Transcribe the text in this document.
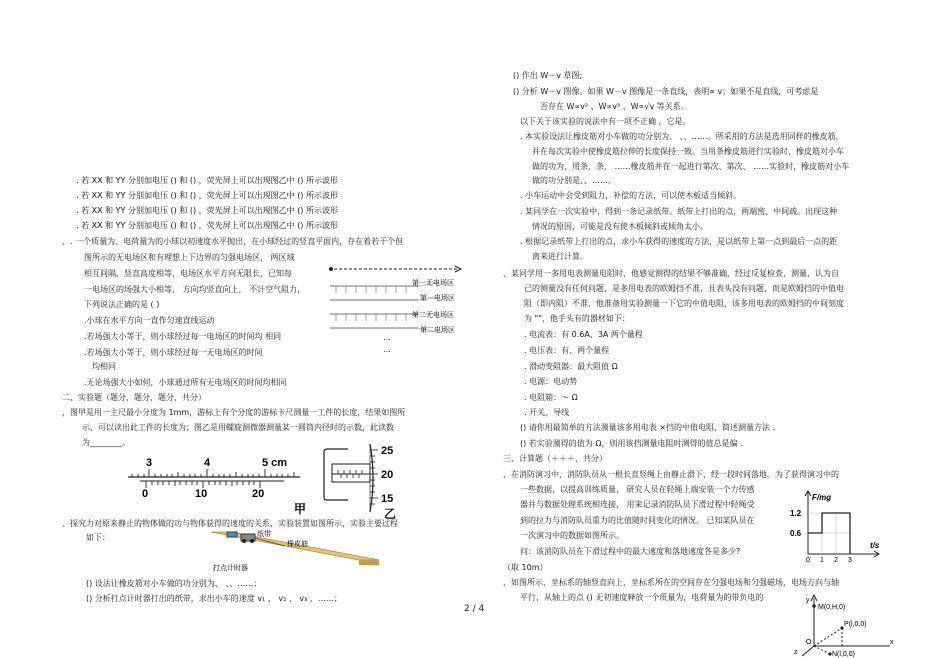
. 若 XX 和 YY 分别加电压 () 和 () ，荧光屏上可以出现图乙中 () 所示波形
. 若 XX 和 YY 分别加电压 () 和 () ，荧光屏上可以出现图乙中 () 所示波形
. 若 XX 和 YY 分别加电压 () 和 () ，荧光屏上可以出现图乙中 () 所示波形
. 若 XX 和 YY 分别加电压 () 和 () ，荧光屏上可以出现图乙中 () 所示波形
、. 一个质量为、电荷量为的小球以初速度水平抛出，在小球经过的竖直平面内，存在着若干个但
图所示的无电场区和有理想上下边界的匀强电场区， 两区域
相互间隔、竖直高度相等，电场区水平方向无限长，已知每
一电场区的场强大小相等、 方向均竖直向上， 不计空气阻力，
下列说法正确的是 ( )
.小球在水平方向一直作匀速直线运动
.若场强大小等于，则小球经过每一电场区的时间均 相同
.若场强大小等于，则小球经过每一无电场区的时间
均相同
.无论场强大小如何，小球通过所有无电场区的时间均相同
二、实验题（题分，题分，题分，共分）
，图甲是用一主尺最小分度为 1mm，游标上有个分度的游标卡尺测量一工件的长度，结果如图所
示，可以读出此工件的长度为；图乙是用螺旋测微器测量某一圆筒内径时的示数，此读数
为________。
、探究力对原来静止的物体做的功与物体获得的速度的关系，实验装置如图所示，实验主要过程
如下：
() 设法让橡皮筋对小车做的功分别为、 、、……；
() 分析打点计时器打出的纸带，求出小车的速度 v₁ 、 v₂ 、 v₃ 、……；
第一无电场区
第一电场区
第二无电场区
第二电场区
…
…
3	4	5 cm
0	10	20
甲
25
20
15
乙
纸带
橡皮筋
打点计时器
() 作出 W－v 草图;
() 分析 W－v 图像。如果 W－v 图像是一条直线，表明∝ v；如果不是直线，可考虑是
否存在 W∝v² 、W∝v³ 、W∝√v 等关系。
以下关于该实验的说法中有一项不正确 ，它是。
. 本实验设法让橡皮筋对小车做的功分别为、 、、……。所采用的方法是选用同样的橡皮筋，
并在每次实验中使橡皮筋拉伸的长度保持一致。当用条橡皮筋进行实验时，橡皮筋对小车
做的功为，用条、条、 ……橡皮筋并在一起进行第次、第次、 ……实验时，橡皮筋对小车
做的功分别是、、……。
. 小车运动中会受到阻力，补偿的方法，可以使木板适当倾斜。
. 某同学在一次实验中，得到一条记录纸带。纸带上打出的点，两端密、中间疏。出现这种
情况的原因，可能是没有使木板倾斜或倾角太小。
. 根据记录纸带上打出的点，求小车获得的速度的方法，是以纸带上第一点到最后一点的距
离来进行计算。
、某同学用一多用电表测量电阻时，他感觉测得的结果不够准确，经过反复检查，测量，认为自
己的测量没有任何问题，是多用电表的欧姆挡不准，且表头没有问题，而是欧姆挡的中值电
阻（即内阻）不准，他准备用实验测量一下它的中值电阻，该多用电表的欧姆挡的中间刻度
为 ""，他手头有的器材如下：
. 电流表：有 0.6A、3A 两个量程
. 电压表：有、两个量程
. 滑动变阻器：最大阻值 Ω
. 电源：电动势
. 电阻箱：～ Ω
. 开关、导线
() 请你用最简单的方法测量该多用电表 ×挡的中值电阻，简述测量方法 .
() 若实验测得的值为 Ω，则用该挡测量电阻时测得的值总是偏 .
三、计算题（＋＋＋，共分）
，在消防演习中，消防队员从一根长直竖绳上由静止滑下，经一段时间落地。为了获得演习中的
一些数据，以提高训练质量， 研究人员在轻绳上端安装一个力传感
器并与数据处理系统相连接， 用来记录消防队员下滑过程中轻绳受
到的拉力与消防队员重力的比值随时间变化的情况。 已知某队员在
一次演习中的数据如图所示。
问：该消防队员在下滑过程中的最大速度和落地速度各是多少?
（取 10m）
，如图所示，坐标系的轴竖直向上，坐标系所在的空间存在匀强电场和匀强磁场，电场方向与轴
平行，从轴上的点 () 无初速度释放一个质量为，电荷量为的带负电的
F/mg
t/s
1.2
0.6
0 1 2 3
M(0,H,0)
P(l,0,0)
N(l,0,0)
O
y
x
z
2 / 4
